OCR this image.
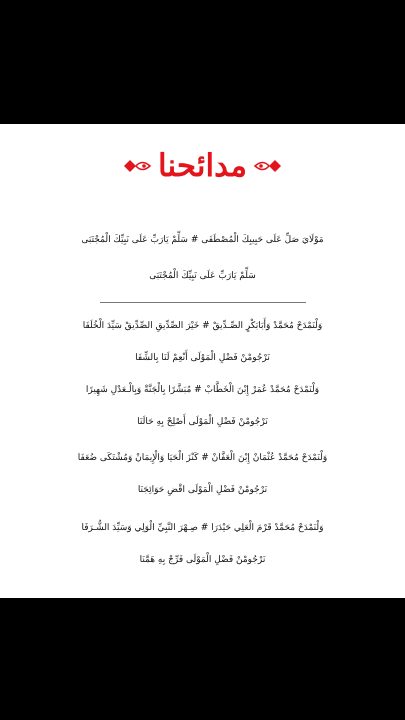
مدائحنا
مَوْلَايَ صَلِّ عَلَى حَبِيبِكَ الْمُصْطَفَى # سَلِّمْ يَارَبِّ عَلَى نَبِيِّكَ الْمُجْتَبَى
سَلِّمْ يَارَبِّ عَلَى نَبِيِّكَ الْمُجْتَبَى
وَلْنَمْدَحْ مُحَمَّدْ وَأَبَابَكْرٍ الصِّـدِّيقْ # خَيْرَ الصِّدِّيقِ الصِّدِّيقْ سَيِّدَ الْخُلَفَا
نَرْجُومْنْ فَضْلِ الْمَوْلَى أَنْعِمْ لَنَا بِالشِّفَا
وَلْنَمْدَحْ مُحَمَّدْ عُمَرْ إِبْنَ الْخَطَّابْ # مُبَشَّرًا بِالْجَنَّةْ وَبِالْـعَدْلِ شَهِيرًا
نَرْجُومْنْ فَضْلِ الْمَوْلَى أَصْلِحْ بِهِ حَالَنَا
وَلْنَمْدَحْ مُحَمَّدْ عُثْمَانْ إِبْنَ الْعَفَّانْ # كَنْزَ الْحَيَا وَالْإِيمَانْ وَمُشْتَكَى ضُعَفَا
نَرْجُومْنْ فَضْلِ الْمَوْلَى اقْضِ حَوَائِجَنَا
وَلْنَمْدَحْ مُحَمَّدْ قَرْمَ الْعَلِي حَيْدَرَا # صِـهْرَ النَّبِيِّ الْوَلِي وَسَيِّدَ الشُّـرَفَا
نَرْجُومْنْ فَضْلِ الْمَوْلَى فَرِّجْ بِهِ هَمَّنَا
